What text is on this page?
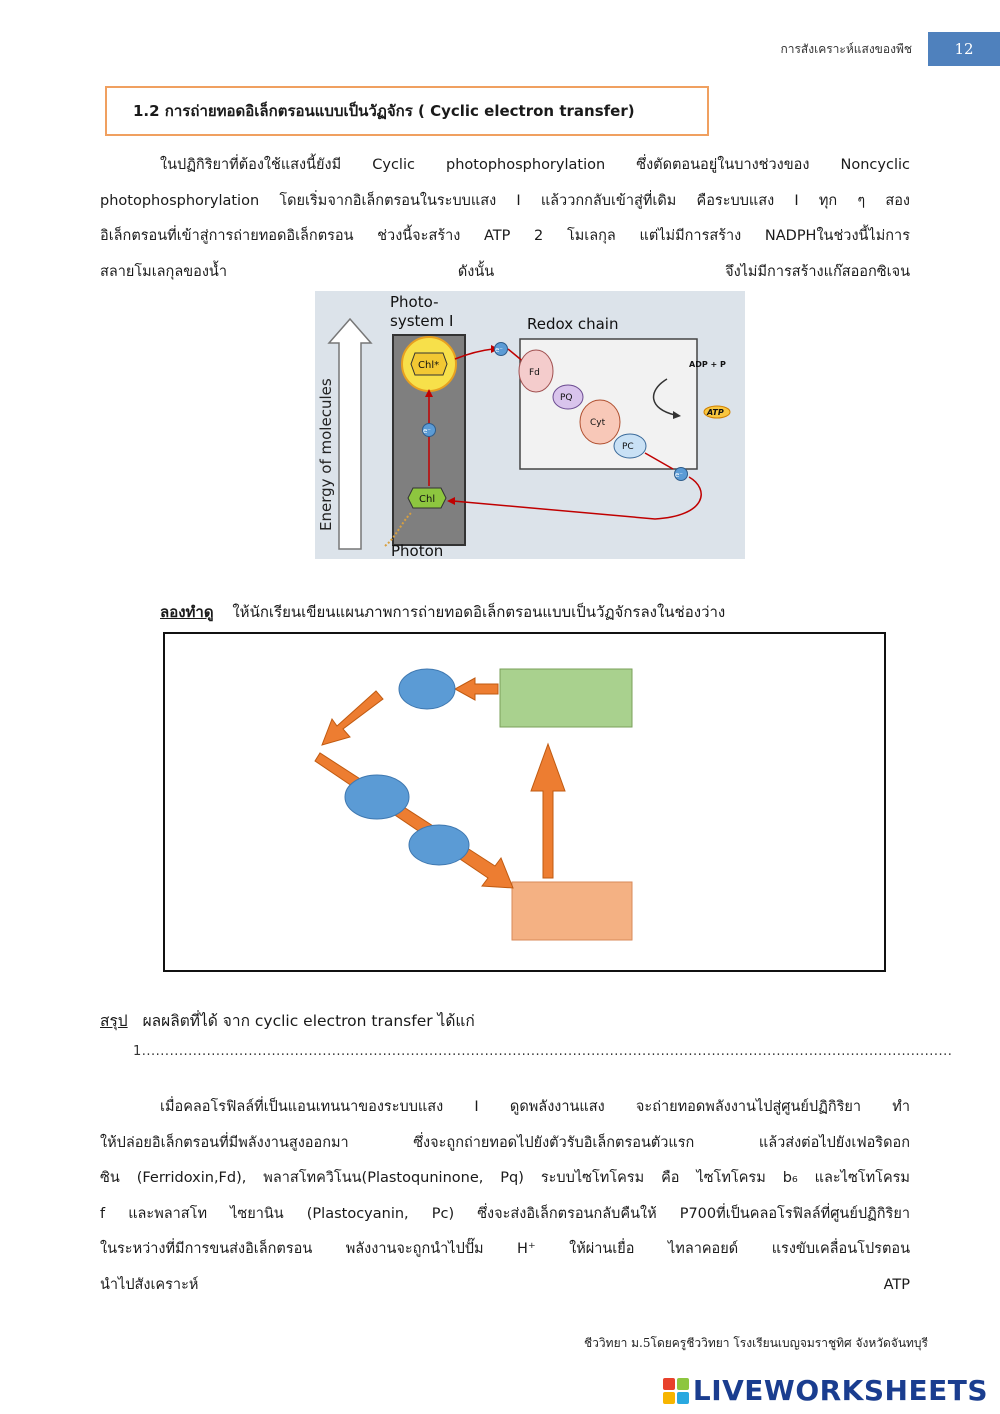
การสังเคราะห์แสงของพืช	12
1.2 การถ่ายทอดอิเล็กตรอนแบบเป็นวัฏจักร ( Cyclic electron transfer)
ในปฏิกิริยาที่ต้องใช้แสงนี้ยังมี Cyclic photophosphorylation ซึ่งตัดตอนอยู่ในบางช่วงของ Noncyclic
photophosphorylation โดยเริ่มจากอิเล็กตรอนในระบบแสง I แล้ววกกลับเข้าสู่ที่เดิม คือระบบแสง I ทุก ๆ สอง
อิเล็กตรอนที่เข้าสู่การถ่ายทอดอิเล็กตรอน ช่วงนี้จะสร้าง ATP 2 โมเลกุล แต่ไม่มีการสร้าง NADPHในช่วงนี้ไม่การ
สลายโมเลกุลของน้ำ ดังนั้น จึงไม่มีการสร้างแก๊สออกซิเจน
Energy of molecules
Photo-
system I	Redox chain
Chl*
Chl
e⁻
e⁻
Fd
PQ
Cyt
PC
e⁻
ADP + P
ATP
Photon
ลองทำดู ให้นักเรียนเขียนแผนภาพการถ่ายทอดอิเล็กตรอนแบบเป็นวัฏจักรลงในช่องว่าง
สรุป ผลผลิตที่ได้ จาก cyclic electron transfer ได้แก่
1...............................................................................................................................................................................
เมื่อคลอโรฟิลล์ที่เป็นแอนเทนนาของระบบแสง I ดูดพลังงานแสง จะถ่ายทอดพลังงานไปสู่ศูนย์ปฏิกิริยา ทำ
ให้ปล่อยอิเล็กตรอนที่มีพลังงานสูงออกมา ซึ่งจะถูกถ่ายทอดไปยังตัวรับอิเล็กตรอนตัวแรก แล้วส่งต่อไปยังเฟอริดอก
ซิน (Ferridoxin,Fd), พลาสโทควิโนน(Plastoquninone, Pq) ระบบไซโทโครม คือ ไซโทโครม b₆ และไซโทโครม
f และพลาสโท ไซยานิน (Plastocyanin, Pc) ซึ่งจะส่งอิเล็กตรอนกลับคืนให้ P700ที่เป็นคลอโรฟิลล์ที่ศูนย์ปฏิกิริยา
ในระหว่างที่มีการขนส่งอิเล็กตรอน พลังงานจะถูกนำไปปั๊ม H⁺ ให้ผ่านเยื่อ ไทลาคอยด์ แรงขับเคลื่อนโปรตอน
นำไปสังเคราะห์ ATP
ชีววิทยา ม.5โดยครูชีววิทยา โรงเรียนเบญจมราชูทิศ จังหวัดจันทบุรี
LIVEWORKSHEETS
